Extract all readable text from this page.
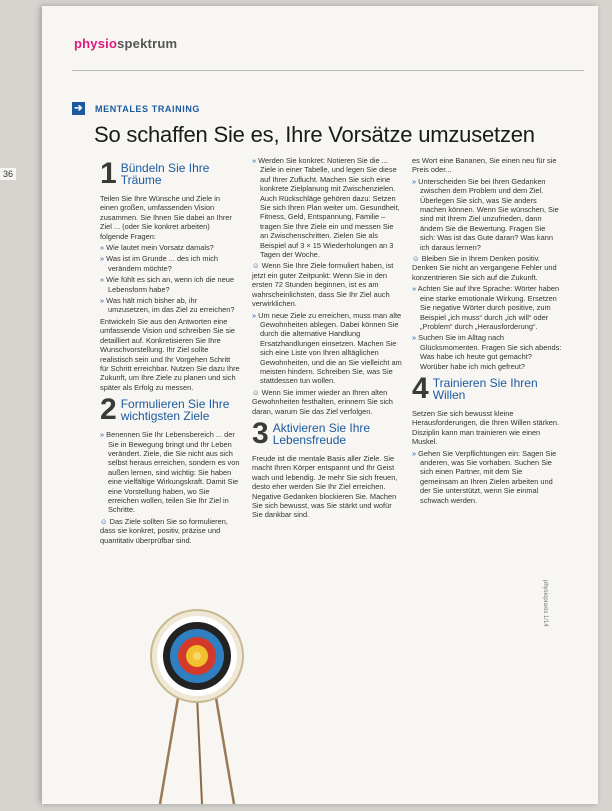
physiospektrum
➔ MENTALES TRAINING
So schaffen Sie es, Ihre Vorsätze umzusetzen
1 Bündeln Sie Ihre Träume

Teilen Sie Ihre Wünsche und Ziele in einen großen, umfassenden Vision zusammen. Sie Ihnen Sie dabei an Ihrer Ziel ... (oder Sie konkret arbeiten) folgende Fragen:

» Wie lautet mein Vorsatz damals?

» Was ist im Grunde ... des ich mich verändern möchte?

» Wie fühlt es sich an, wenn ich die neue Lebensform habe?

» Was hält mich bisher ab, ihr umzusetzen, im das Ziel zu erreichen?

Entwickeln Sie aus den Antworten eine umfassende Vision und schreiben Sie sie detailliert auf. Konkretisieren Sie Ihre Wunschvorstellung. Ihr Ziel sollte realistisch sein und Ihr Vorgehen Schritt für Schritt erreichbar. Nutzen Sie dazu Ihre Zukunft, um Ihre Ziele zu planen und sich später als Erfolg zu messen.

2 Formulieren Sie Ihre wichtigsten Ziele

» Benennen Sie Ihr Lebensbereich ... der Sie in Bewegung bringt und Ihr Leben verändert. Ziele, die Sie nicht aus sich selbst heraus erreichen, sondern es von außen lernen, sind wichtig: Sie haben eine vielfältige Wirkungskraft. Damit Sie eine Vorstellung haben, wo Sie erreichen wollen, teilen Sie Ihr Ziel in Schritte.

☺ Das Ziele sollten Sie so formulieren, dass sie konkret, positiv, präzise und quantitativ überprüfbar sind.

» Werden Sie konkret: Notieren Sie die ... Ziele in einer Tabelle, und legen Sie diese auf Ihrer Zuflucht. Machen Sie sich eine konkrete Zielplanung mit Zwischenzielen. Auch Rückschläge gehören dazu: Setzen Sie sich Ihren Plan weiter um. Gesundheit, Fitness, Geld, Entspannung, Familie – tragen Sie Ihre Ziele ein und messen Sie an Zwischenschritten. Zielen Sie als Beispiel auf 3 × 15 Wiederholungen an 3 Tagen der Woche.

☺ Wenn Sie Ihre Ziele formuliert haben, ist jetzt ein guter Zeitpunkt: Wenn Sie in den ersten 72 Stunden beginnen, ist es am wahrscheinlichsten, dass Sie Ihr Ziel auch verwirklichen.

» Um neue Ziele zu erreichen, muss man alte Gewohnheiten ablegen. Dabei können Sie durch die alternative Handlung Ersatzhandlungen einsetzen. Machen Sie sich eine Liste von Ihren alltäglichen Gewohnheiten, und die an Sie vielleicht am meisten hindern. Schreiben Sie, was Sie stattdessen tun wollen.

☺ Wenn Sie immer wieder an Ihren alten Gewohnheiten festhalten, erinnern Sie sich daran, warum Sie das Ziel verfolgen.

3 Aktivieren Sie Ihre Lebensfreude

Freude ist die mentale Basis aller Ziele. Sie macht Ihren Körper entspannt und Ihr Geist wach und lebendig. Je mehr Sie sich freuen, desto eher werden Sie Ihr Ziel erreichen. Negative Gedanken blockieren Sie. Machen Sie sich bewusst, was Sie stärkt und wofür Sie dankbar sind.

es Wort eine Bananen, Sie einen neu für sie Preis oder...

» Unterscheiden Sie bei Ihren Gedanken zwischen dem Problem und dem Ziel. Überlegen Sie sich, was Sie anders machen können. Wenn Sie wünschen, Sie sind mit Ihrem Ziel unzufrieden, dann ändern Sie die Bewertung. Fragen Sie sich: Was ist das Gute daran? Was kann ich daraus lernen?

☺ Bleiben Sie in Ihrem Denken positiv. Denken Sie nicht an vergangene Fehler und konzentrieren Sie sich auf die Zukunft.

» Achten Sie auf Ihre Sprache: Wörter haben eine starke emotionale Wirkung. Ersetzen Sie negative Wörter durch positive, zum Beispiel „ich muss“ durch „ich will“ oder „Problem“ durch „Herausforderung“.

» Suchen Sie im Alltag nach Glücksmomenten. Fragen Sie sich abends: Was habe ich heute gut gemacht? Worüber habe ich mich gefreut?

4 Trainieren Sie Ihren Willen

Setzen Sie sich bewusst kleine Herausforderungen, die Ihren Willen stärken. Disziplin kann man trainieren wie einen Muskel.

» Gehen Sie Verpflichtungen ein: Sagen Sie anderen, was Sie vorhaben. Suchen Sie sich einen Partner, mit dem Sie gemeinsam an Ihren Zielen arbeiten und der Sie unterstützt, wenn Sie einmal schwach werden.

36
physiopraxis 1/14
